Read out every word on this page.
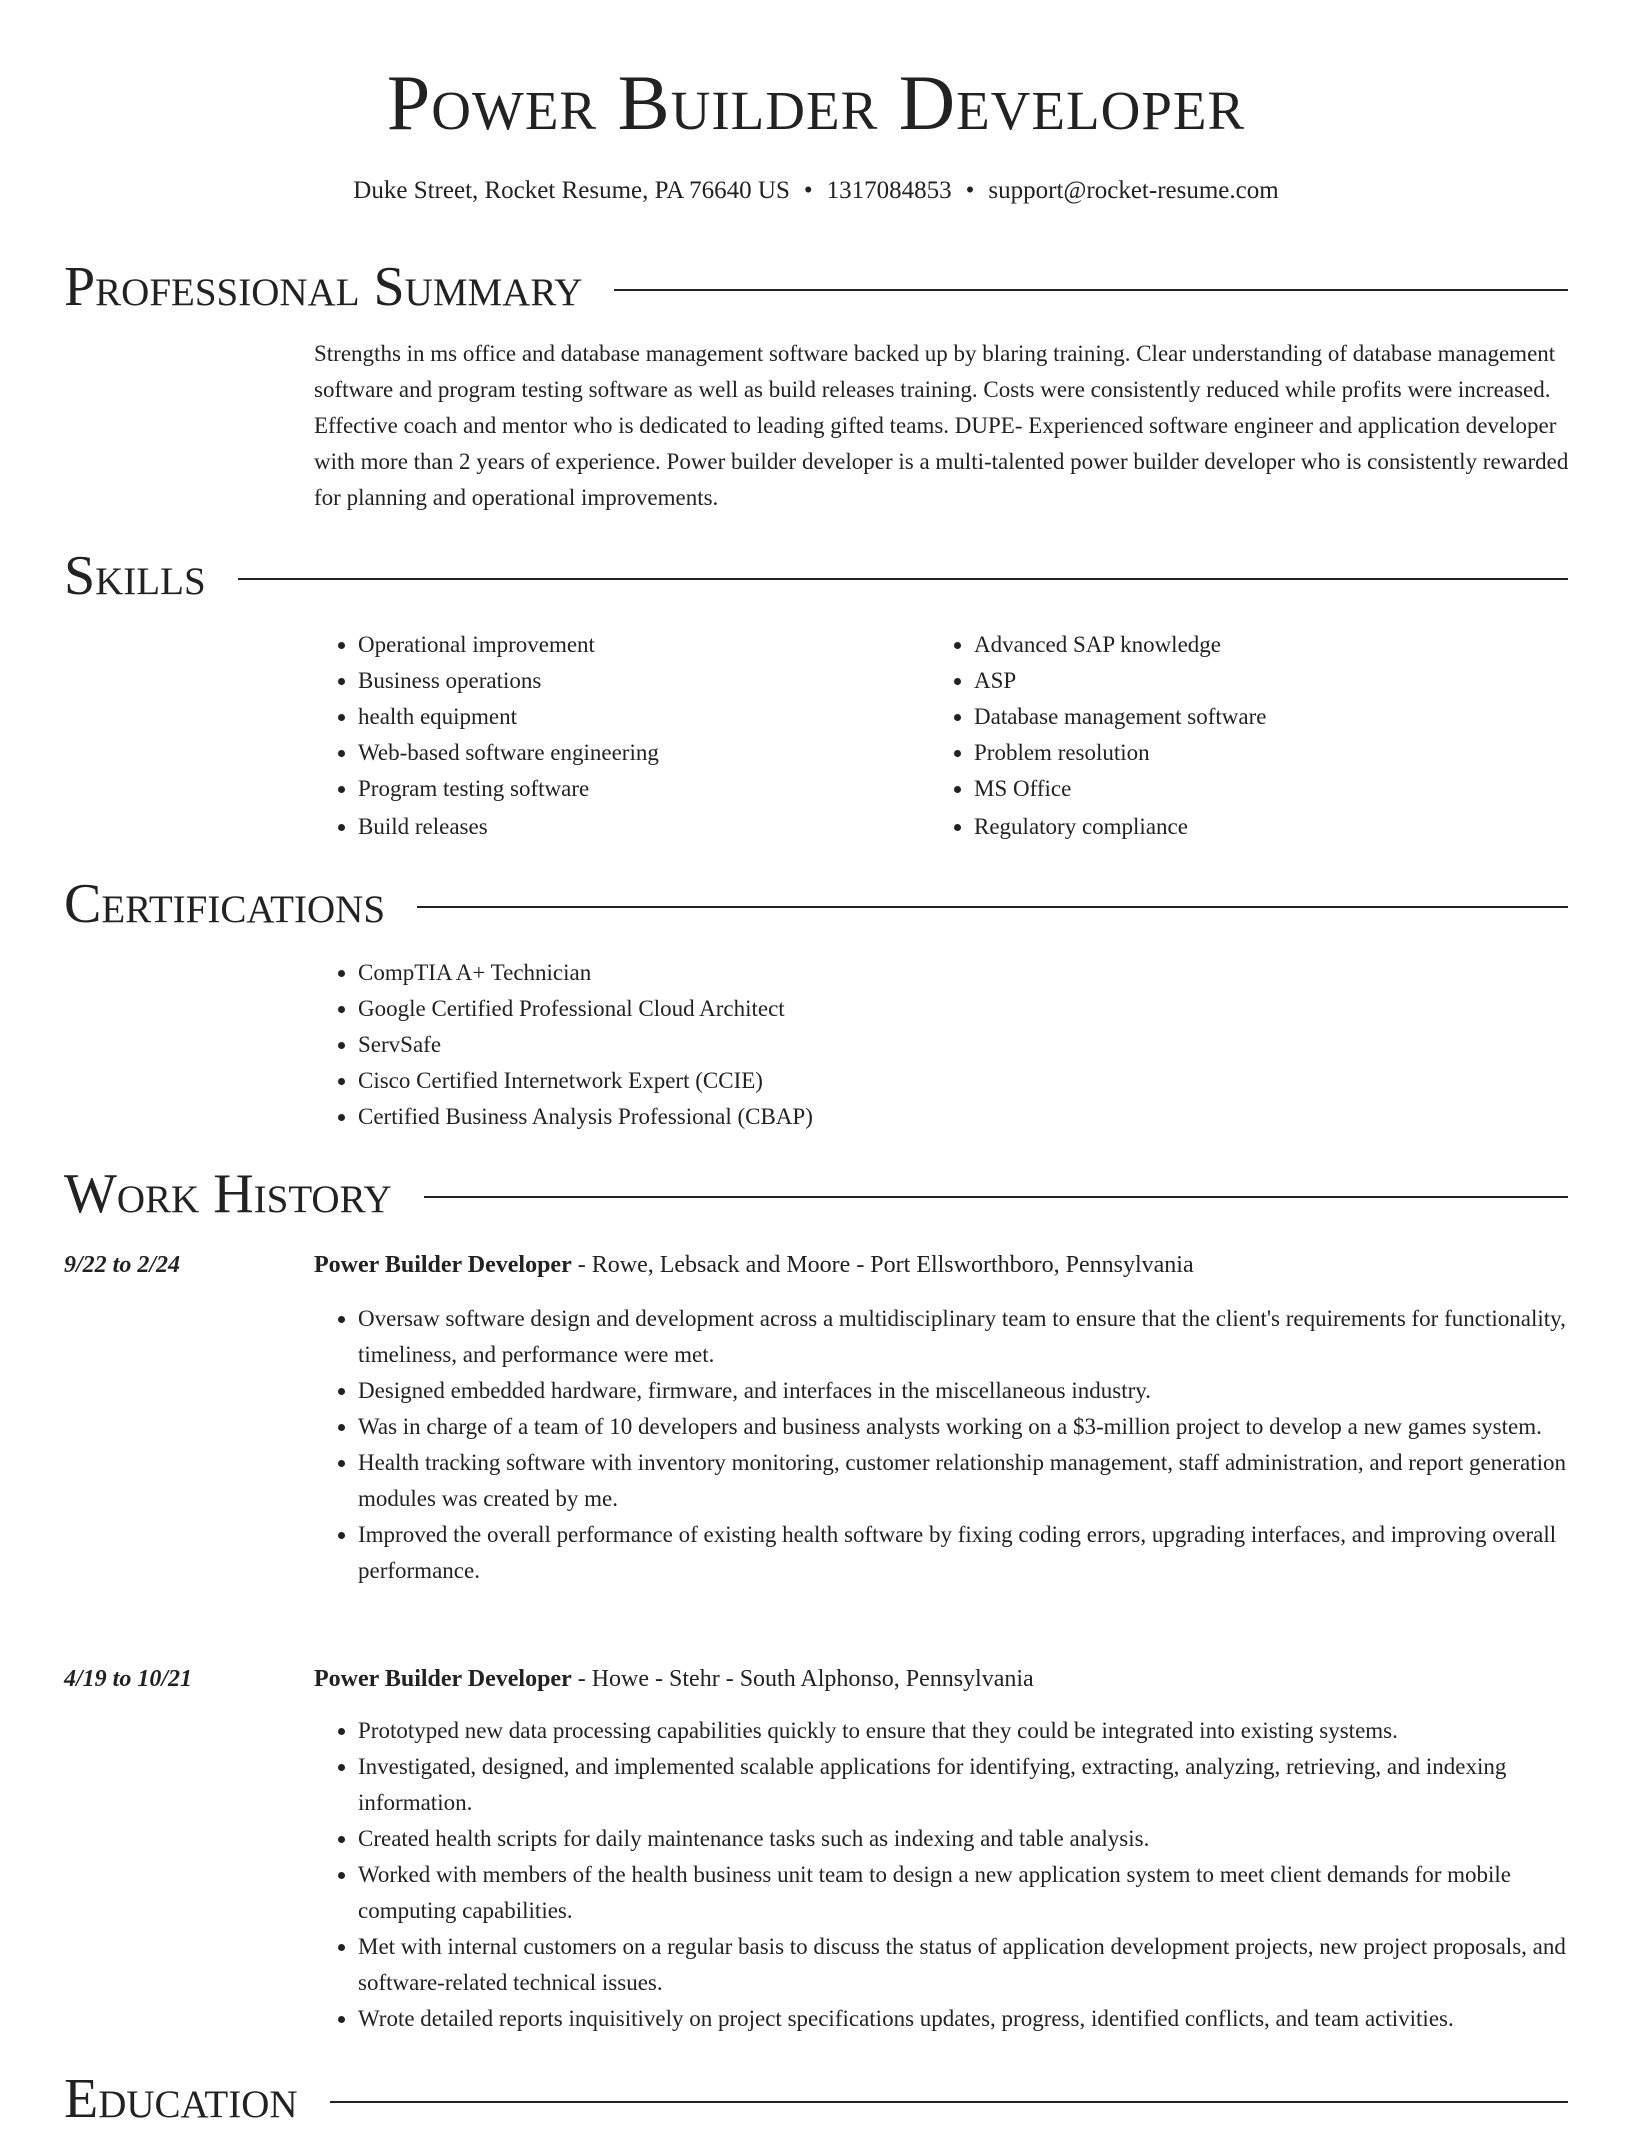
Power Builder Developer
Duke Street, Rocket Resume, PA 76640 US • 1317084853 • support@rocket-resume.com
Professional Summary

Strengths in ms office and database management software backed up by blaring training. Clear understanding of database management software and program testing software as well as build releases training. Costs were consistently reduced while profits were increased. Effective coach and mentor who is dedicated to leading gifted teams. DUPE- Experienced software engineer and application developer with more than 2 years of experience. Power builder developer is a multi-talented power builder developer who is consistently rewarded for planning and operational improvements.

Skills
• Operational improvement
• Business operations
• health equipment
• Web-based software engineering
• Program testing software
• Build releases
• Advanced SAP knowledge
• ASP
• Database management software
• Problem resolution
• MS Office
• Regulatory compliance
Certifications
• CompTIA A+ Technician
• Google Certified Professional Cloud Architect
• ServSafe
• Cisco Certified Internetwork Expert (CCIE)
• Certified Business Analysis Professional (CBAP)
Work History
9/22 to 2/24	Power Builder Developer - Rowe, Lebsack and Moore - Port Ellsworthboro, Pennsylvania
• Oversaw software design and development across a multidisciplinary team to ensure that the client's requirements for functionality, timeliness, and performance were met.
• Designed embedded hardware, firmware, and interfaces in the miscellaneous industry.
• Was in charge of a team of 10 developers and business analysts working on a $3-million project to develop a new games system.
• Health tracking software with inventory monitoring, customer relationship management, staff administration, and report generation modules was created by me.
• Improved the overall performance of existing health software by fixing coding errors, upgrading interfaces, and improving overall performance.
4/19 to 10/21	Power Builder Developer - Howe - Stehr - South Alphonso, Pennsylvania
• Prototyped new data processing capabilities quickly to ensure that they could be integrated into existing systems.
• Investigated, designed, and implemented scalable applications for identifying, extracting, analyzing, retrieving, and indexing information.
• Created health scripts for daily maintenance tasks such as indexing and table analysis.
• Worked with members of the health business unit team to design a new application system to meet client demands for mobile computing capabilities.
• Met with internal customers on a regular basis to discuss the status of application development projects, new project proposals, and software-related technical issues.
• Wrote detailed reports inquisitively on project specifications updates, progress, identified conflicts, and team activities.
Education
